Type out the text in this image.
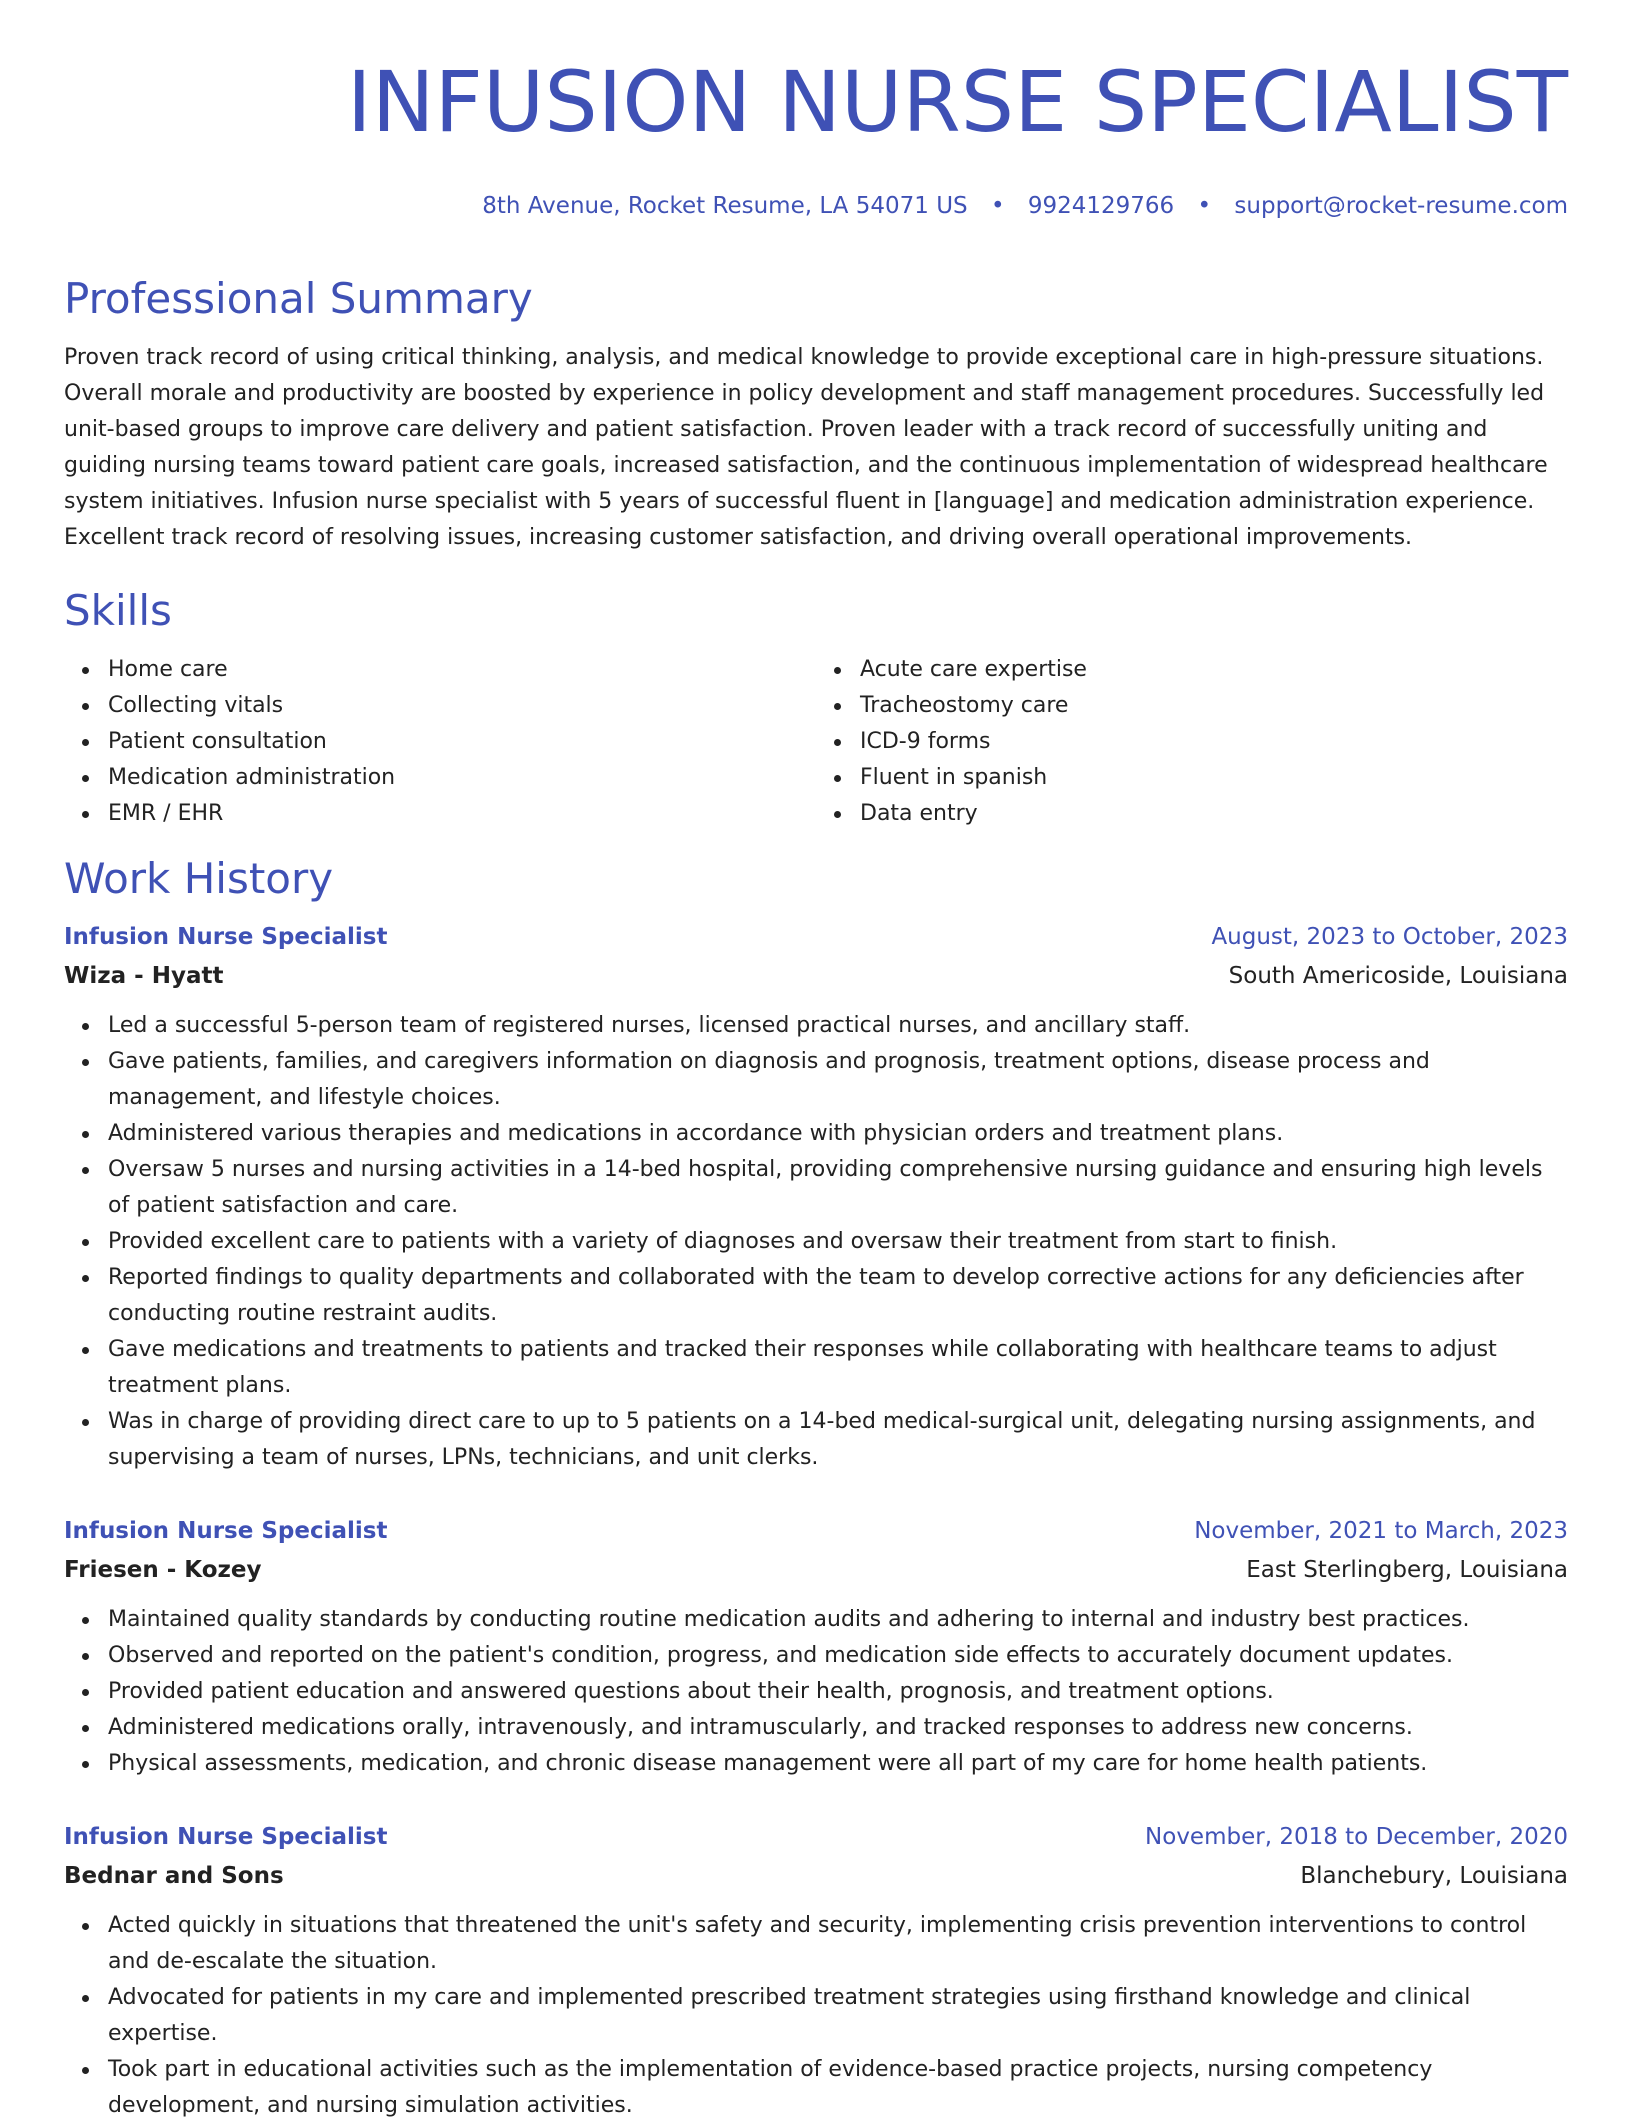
INFUSION NURSE SPECIALIST
8th Avenue, Rocket Resume, LA 54071 US • 9924129766 • support@rocket-resume.com
Professional Summary

Proven track record of using critical thinking, analysis, and medical knowledge to provide exceptional care in high-pressure situations. Overall morale and productivity are boosted by experience in policy development and staff management procedures. Successfully led unit-based groups to improve care delivery and patient satisfaction. Proven leader with a track record of successfully uniting and guiding nursing teams toward patient care goals, increased satisfaction, and the continuous implementation of widespread healthcare system initiatives. Infusion nurse specialist with 5 years of successful fluent in [language] and medication administration experience. Excellent track record of resolving issues, increasing customer satisfaction, and driving overall operational improvements.

Skills
Home care
Collecting vitals
Patient consultation
Medication administration
EMR / EHR
Acute care expertise
Tracheostomy care
ICD-9 forms
Fluent in spanish
Data entry
Work History
Infusion Nurse Specialist	August, 2023 to October, 2023
Wiza - Hyatt	South Americoside, Louisiana
Led a successful 5-person team of registered nurses, licensed practical nurses, and ancillary staff.
Gave patients, families, and caregivers information on diagnosis and prognosis, treatment options, disease process and management, and lifestyle choices.
Administered various therapies and medications in accordance with physician orders and treatment plans.
Oversaw 5 nurses and nursing activities in a 14-bed hospital, providing comprehensive nursing guidance and ensuring high levels of patient satisfaction and care.
Provided excellent care to patients with a variety of diagnoses and oversaw their treatment from start to finish.
Reported findings to quality departments and collaborated with the team to develop corrective actions for any deficiencies after conducting routine restraint audits.
Gave medications and treatments to patients and tracked their responses while collaborating with healthcare teams to adjust treatment plans.
Was in charge of providing direct care to up to 5 patients on a 14-bed medical-surgical unit, delegating nursing assignments, and supervising a team of nurses, LPNs, technicians, and unit clerks.
Infusion Nurse Specialist	November, 2021 to March, 2023
Friesen - Kozey	East Sterlingberg, Louisiana
Maintained quality standards by conducting routine medication audits and adhering to internal and industry best practices.
Observed and reported on the patient's condition, progress, and medication side effects to accurately document updates.
Provided patient education and answered questions about their health, prognosis, and treatment options.
Administered medications orally, intravenously, and intramuscularly, and tracked responses to address new concerns.
Physical assessments, medication, and chronic disease management were all part of my care for home health patients.
Infusion Nurse Specialist	November, 2018 to December, 2020
Bednar and Sons	Blanchebury, Louisiana
Acted quickly in situations that threatened the unit's safety and security, implementing crisis prevention interventions to control and de-escalate the situation.
Advocated for patients in my care and implemented prescribed treatment strategies using firsthand knowledge and clinical expertise.
Took part in educational activities such as the implementation of evidence-based practice projects, nursing competency development, and nursing simulation activities.
